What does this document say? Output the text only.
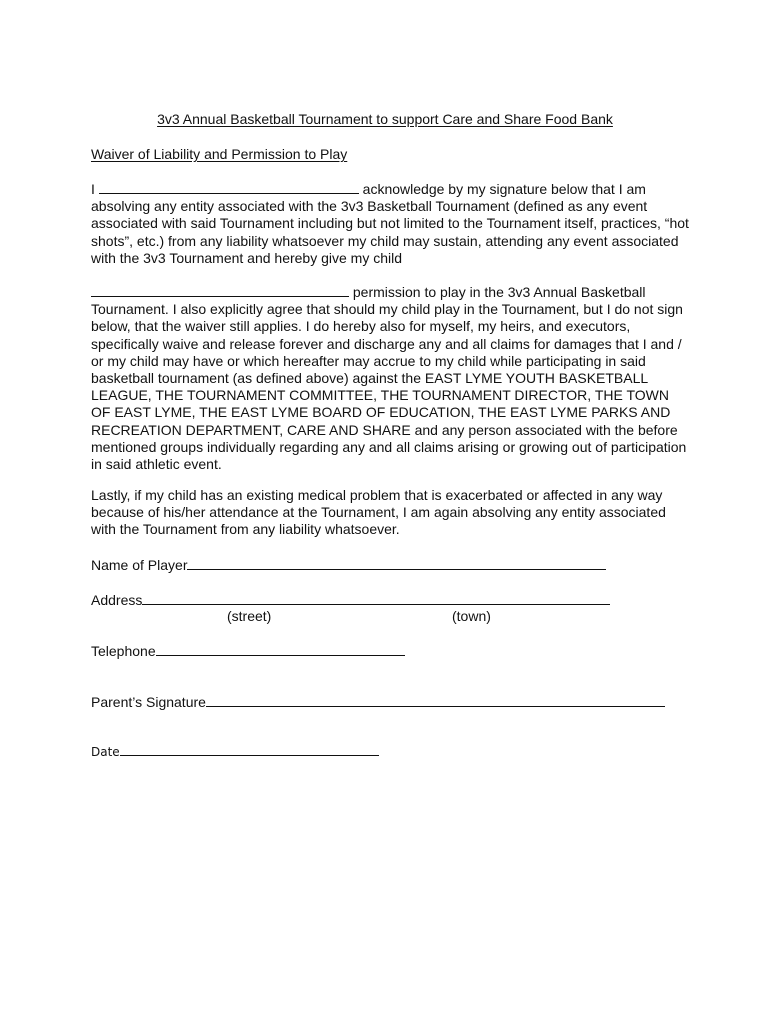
3v3 Annual Basketball Tournament to support Care and Share Food Bank
Waiver of Liability and Permission to Play
I	acknowledge by my signature below that I am absolving any entity associated with the 3v3 Basketball Tournament (defined as any event associated with said Tournament including but not limited to the Tournament itself, practices, “hot shots”, etc.) from any liability whatsoever my child may sustain, attending any event associated with the 3v3 Tournament and hereby give my child
permission to play in the 3v3 Annual Basketball Tournament. I also explicitly agree that should my child play in the Tournament, but I do not sign below, that the waiver still applies. I do hereby also for myself, my heirs, and executors, specifically waive and release forever and discharge any and all claims for damages that I and / or my child may have or which hereafter may accrue to my child while participating in said basketball tournament (as defined above) against the EAST LYME YOUTH BASKETBALL LEAGUE, THE TOURNAMENT COMMITTEE, THE TOURNAMENT DIRECTOR, THE TOWN OF EAST LYME, THE EAST LYME BOARD OF EDUCATION, THE EAST LYME PARKS AND RECREATION DEPARTMENT, CARE AND SHARE and any person associated with the before mentioned groups individually regarding any and all claims arising or growing out of participation in said athletic event.
Lastly, if my child has an existing medical problem that is exacerbated or affected in any way because of his/her attendance at the Tournament, I am again absolving any entity associated with the Tournament from any liability whatsoever.
Name of Player
Address
(street)	(town)
Telephone
Parent’s Signature
Date
